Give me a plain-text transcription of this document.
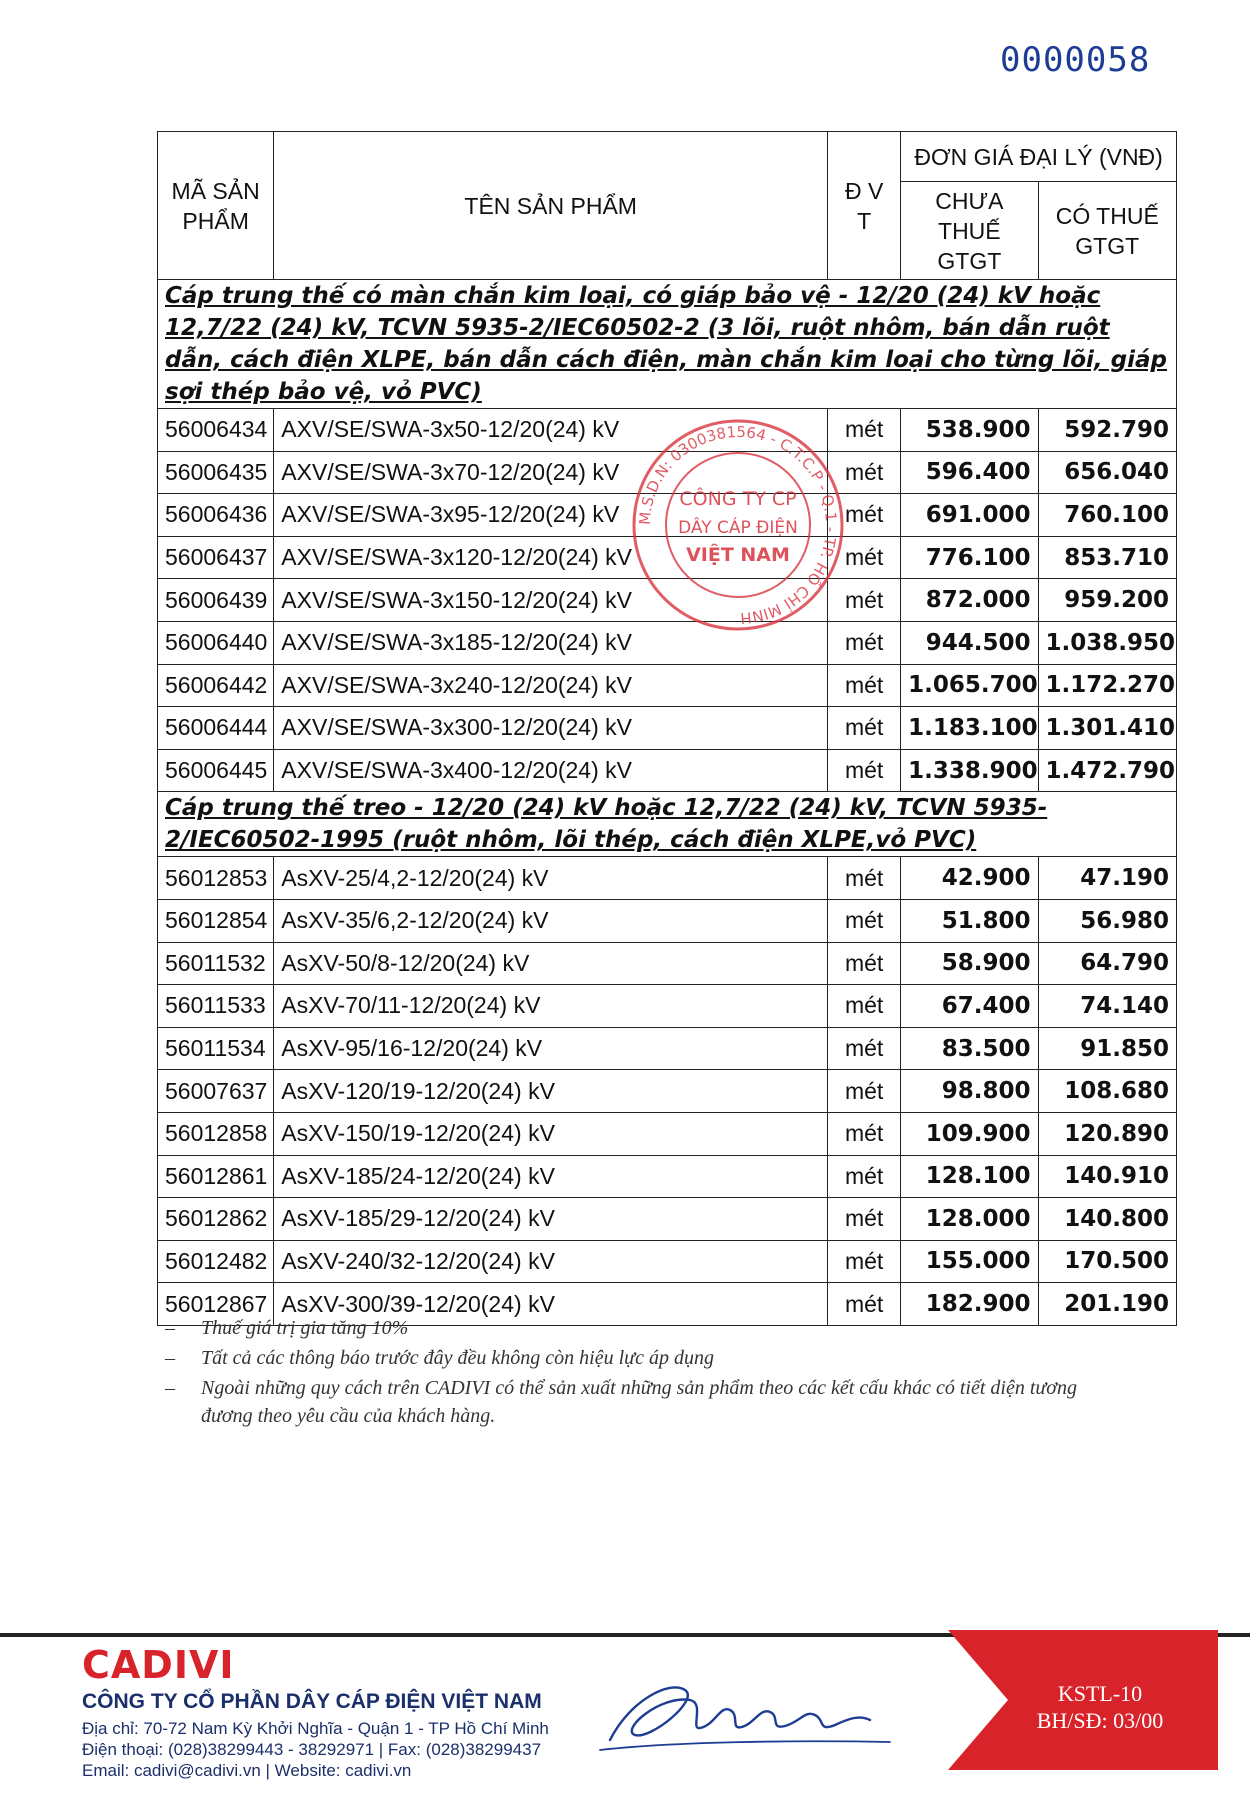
0000058
MÃ SẢN PHẨM	TÊN SẢN PHẨM	Đ V T	ĐƠN GIÁ ĐẠI LÝ (VNĐ)	
			CHƯA THUẾ GTGT	CÓ THUẾ GTGT
Cáp trung thế có màn chắn kim loại, có giáp bảo vệ - 12/20 (24) kV hoặc 12,7/22 (24) kV, TCVN 5935-2/IEC60502-2 (3 lõi, ruột nhôm, bán dẫn ruột dẫn, cách điện XLPE, bán dẫn cách điện, màn chắn kim loại cho từng lõi, giáp sợi thép bảo vệ, vỏ PVC)				
56006434	AXV/SE/SWA-3x50-12/20(24) kV	mét	538.900	592.790
56006435	AXV/SE/SWA-3x70-12/20(24) kV	mét	596.400	656.040
56006436	AXV/SE/SWA-3x95-12/20(24) kV	mét	691.000	760.100
56006437	AXV/SE/SWA-3x120-12/20(24) kV	mét	776.100	853.710
56006439	AXV/SE/SWA-3x150-12/20(24) kV	mét	872.000	959.200
56006440	AXV/SE/SWA-3x185-12/20(24) kV	mét	944.500	1.038.950
56006442	AXV/SE/SWA-3x240-12/20(24) kV	mét	1.065.700	1.172.270
56006444	AXV/SE/SWA-3x300-12/20(24) kV	mét	1.183.100	1.301.410
56006445	AXV/SE/SWA-3x400-12/20(24) kV	mét	1.338.900	1.472.790
Cáp trung thế treo - 12/20 (24) kV hoặc 12,7/22 (24) kV, TCVN 5935-2/IEC60502-1995 (ruột nhôm, lõi thép, cách điện XLPE,vỏ PVC)				
56012853	AsXV-25/4,2-12/20(24) kV	mét	42.900	47.190
56012854	AsXV-35/6,2-12/20(24) kV	mét	51.800	56.980
56011532	AsXV-50/8-12/20(24) kV	mét	58.900	64.790
56011533	AsXV-70/11-12/20(24) kV	mét	67.400	74.140
56011534	AsXV-95/16-12/20(24) kV	mét	83.500	91.850
56007637	AsXV-120/19-12/20(24) kV	mét	98.800	108.680
56012858	AsXV-150/19-12/20(24) kV	mét	109.900	120.890
56012861	AsXV-185/24-12/20(24) kV	mét	128.100	140.910
56012862	AsXV-185/29-12/20(24) kV	mét	128.000	140.800
56012482	AsXV-240/32-12/20(24) kV	mét	155.000	170.500
56012867	AsXV-300/39-12/20(24) kV	mét	182.900	201.190
M.S.D.N: 0300381564 - C.T.C.P - Q.1 - TP. HỒ CHÍ MINH
CÔNG TY CP
DÂY CÁP ĐIỆN
VIỆT NAM
– Thuế giá trị gia tăng 10%
– Tất cả các thông báo trước đây đều không còn hiệu lực áp dụng
– Ngoài những quy cách trên CADIVI có thể sản xuất những sản phẩm theo các kết cấu khác có tiết diện tương đương theo yêu cầu của khách hàng.
CADIVI
CÔNG TY CỔ PHẦN DÂY CÁP ĐIỆN VIỆT NAM
Địa chỉ: 70-72 Nam Kỳ Khởi Nghĩa - Quận 1 - TP Hồ Chí Minh
Điện thoại: (028)38299443 - 38292971 | Fax: (028)38299437
Email: cadivi@cadivi.vn | Website: cadivi.vn
KSTL-10
BH/SĐ: 03/00
